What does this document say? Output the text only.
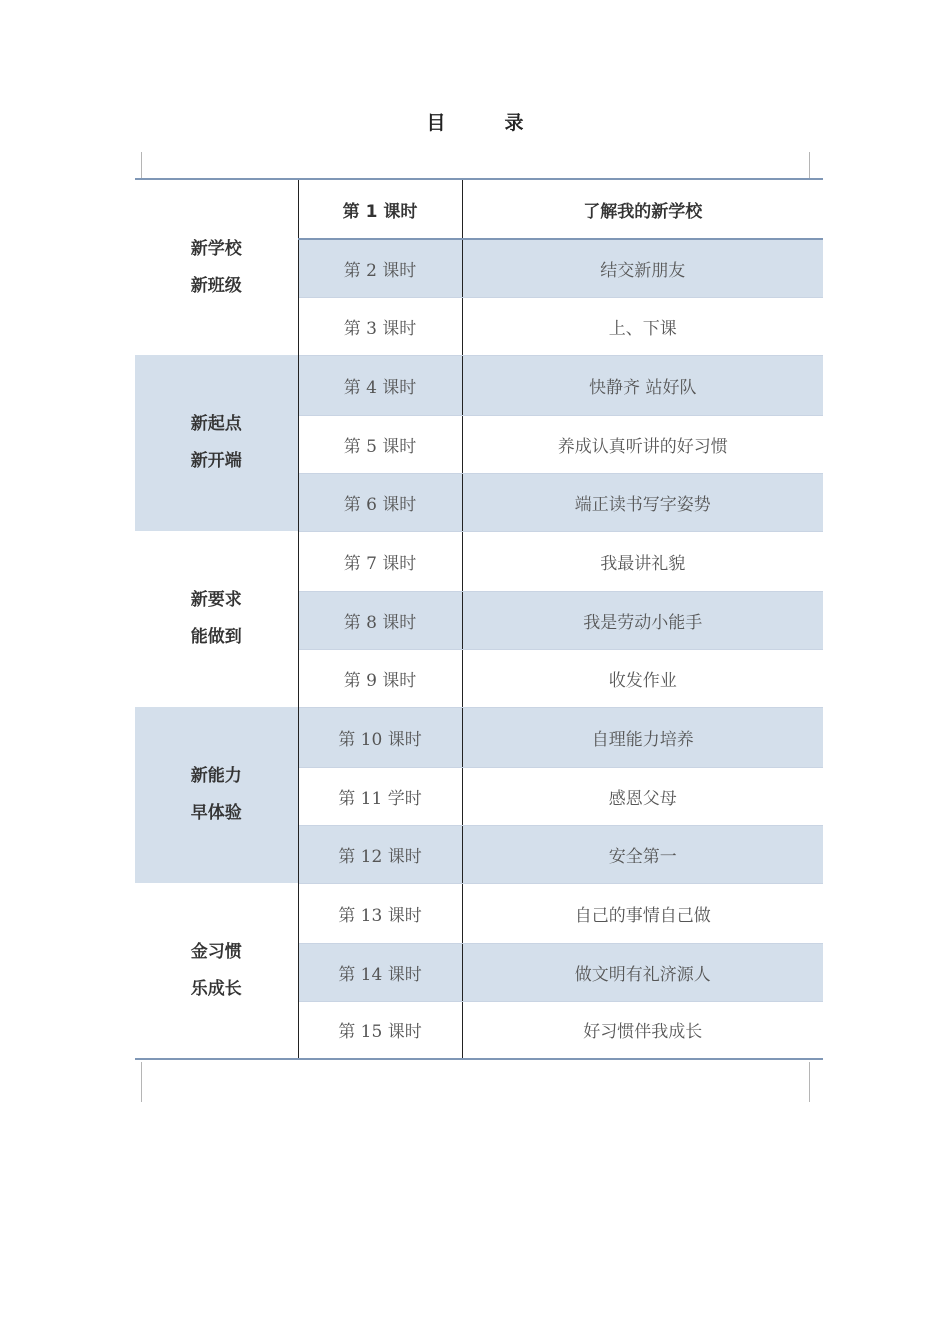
目　录
新学校
新班级	第 1 课时	了解我的新学校
	第 2 课时	结交新朋友
	第 3 课时	上、下课

新起点
新开端	第 4 课时	快静齐 站好队
	第 5 课时	养成认真听讲的好习惯
	第 6 课时	端正读书写字姿势

新要求
能做到	第 7 课时	我最讲礼貌
	第 8 课时	我是劳动小能手
	第 9 课时	收发作业

新能力
早体验	第 10 课时	自理能力培养
	第 11 学时	感恩父母
	第 12 课时	安全第一

金习惯
乐成长	第 13 课时	自己的事情自己做
	第 14 课时	做文明有礼济源人
	第 15 课时	好习惯伴我成长
